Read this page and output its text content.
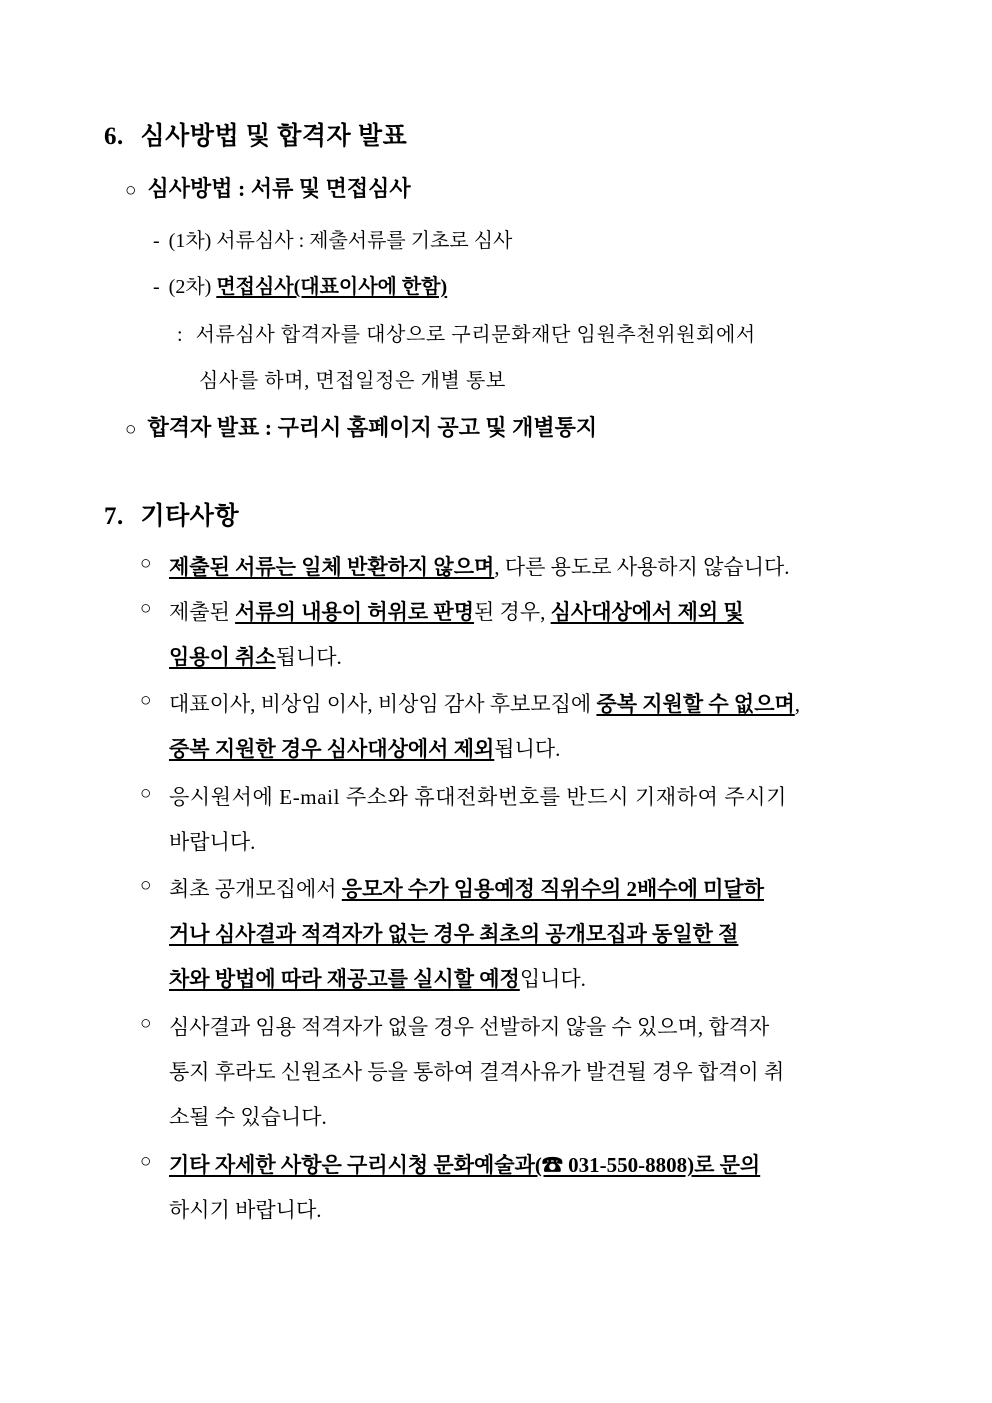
6. 심사방법 및 합격자 발표
○ 심사방법 : 서류 및 면접심사
- (1차) 서류심사 : 제출서류를 기초로 심사
- (2차) 면접심사(대표이사에 한함)
: 서류심사 합격자를 대상으로 구리문화재단 임원추천위원회에서
심사를 하며, 면접일정은 개별 통보
○ 합격자 발표 : 구리시 홈페이지 공고 및 개별통지
7. 기타사항
○ 제출된 서류는 일체 반환하지 않으며, 다른 용도로 사용하지 않습니다.
○ 제출된 서류의 내용이 허위로 판명된 경우, 심사대상에서 제외 및
임용이 취소됩니다.
○ 대표이사, 비상임 이사, 비상임 감사 후보모집에 중복 지원할 수 없으며,
중복 지원한 경우 심사대상에서 제외됩니다.
○ 응시원서에 E-mail 주소와 휴대전화번호를 반드시 기재하여 주시기
바랍니다.
○ 최초 공개모집에서 응모자 수가 임용예정 직위수의 2배수에 미달하
거나 심사결과 적격자가 없는 경우 최초의 공개모집과 동일한 절
차와 방법에 따라 재공고를 실시할 예정입니다.
○ 심사결과 임용 적격자가 없을 경우 선발하지 않을 수 있으며, 합격자
통지 후라도 신원조사 등을 통하여 결격사유가 발견될 경우 합격이 취
소될 수 있습니다.
○ 기타 자세한 사항은 구리시청 문화예술과(☎ 031-550-8808)로 문의
하시기 바랍니다.
